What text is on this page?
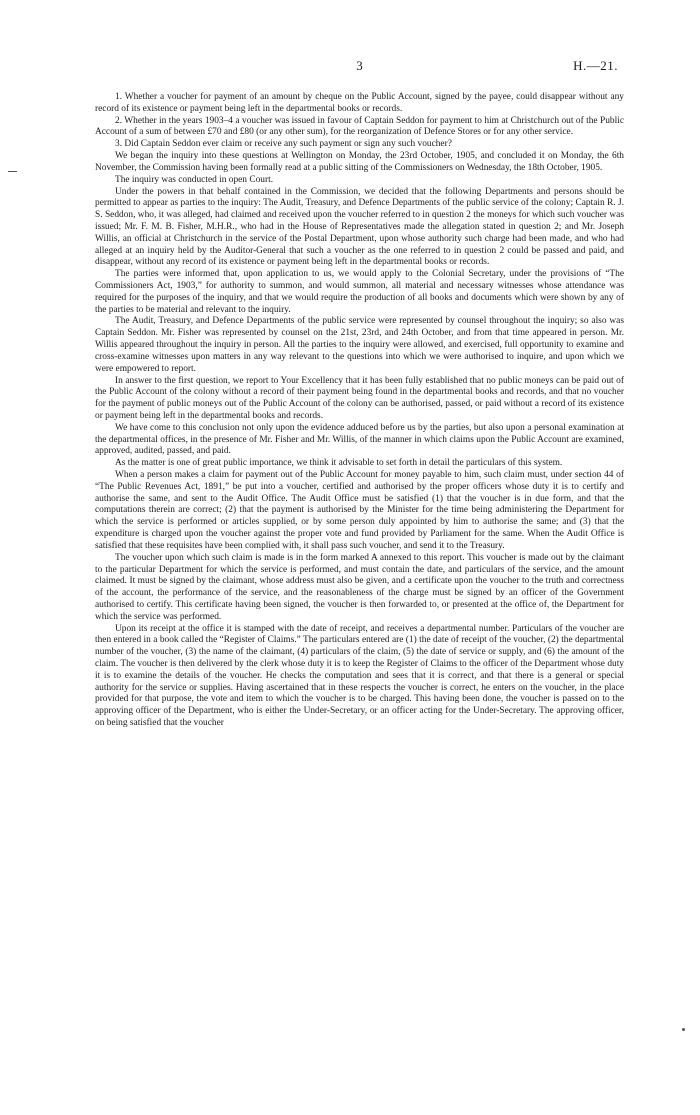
3	H.—21.

1. Whether a voucher for payment of an amount by cheque on the Public Account, signed by the payee, could disappear without any record of its existence or payment being left in the departmental books or records.

2. Whether in the years 1903–4 a voucher was issued in favour of Captain Seddon for payment to him at Christchurch out of the Public Account of a sum of between £70 and £80 (or any other sum), for the reorganization of Defence Stores or for any other service.

3. Did Captain Seddon ever claim or receive any such payment or sign any such voucher?

We began the inquiry into these questions at Wellington on Monday, the 23rd October, 1905, and concluded it on Monday, the 6th November, the Commission having been formally read at a public sitting of the Commissioners on Wednesday, the 18th October, 1905.

The inquiry was conducted in open Court.

Under the powers in that behalf contained in the Commission, we decided that the following Departments and persons should be permitted to appear as parties to the inquiry: The Audit, Treasury, and Defence Departments of the public service of the colony; Captain R. J. S. Seddon, who, it was alleged, had claimed and received upon the voucher referred to in question 2 the moneys for which such voucher was issued; Mr. F. M. B. Fisher, M.H.R., who had in the House of Representatives made the allegation stated in question 2; and Mr. Joseph Willis, an official at Christchurch in the service of the Postal Department, upon whose authority such charge had been made, and who had alleged at an inquiry held by the Auditor-General that such a voucher as the one referred to in question 2 could be passed and paid, and disappear, without any record of its existence or payment being left in the departmental books or records.

The parties were informed that, upon application to us, we would apply to the Colonial Secretary, under the provisions of “The Commissioners Act, 1903,” for authority to summon, and would summon, all material and necessary witnesses whose attendance was required for the purposes of the inquiry, and that we would require the production of all books and documents which were shown by any of the parties to be material and relevant to the inquiry.

The Audit, Treasury, and Defence Departments of the public service were represented by counsel throughout the inquiry; so also was Captain Seddon. Mr. Fisher was represented by counsel on the 21st, 23rd, and 24th October, and from that time appeared in person. Mr. Willis appeared throughout the inquiry in person. All the parties to the inquiry were allowed, and exercised, full opportunity to examine and cross-examine witnesses upon matters in any way relevant to the questions into which we were authorised to inquire, and upon which we were empowered to report.

In answer to the first question, we report to Your Excellency that it has been fully established that no public moneys can be paid out of the Public Account of the colony without a record of their payment being found in the departmental books and records, and that no voucher for the payment of public moneys out of the Public Account of the colony can be authorised, passed, or paid without a record of its existence or payment being left in the departmental books and records.

We have come to this conclusion not only upon the evidence adduced before us by the parties, but also upon a personal examination at the departmental offices, in the presence of Mr. Fisher and Mr. Willis, of the manner in which claims upon the Public Account are examined, approved, audited, passed, and paid.

As the matter is one of great public importance, we think it advisable to set forth in detail the particulars of this system.

When a person makes a claim for payment out of the Public Account for money payable to him, such claim must, under section 44 of “The Public Revenues Act, 1891,” be put into a voucher, certified and authorised by the proper officers whose duty it is to certify and authorise the same, and sent to the Audit Office. The Audit Office must be satisfied (1) that the voucher is in due form, and that the computations therein are correct; (2) that the payment is authorised by the Minister for the time being administering the Department for which the service is performed or articles supplied, or by some person duly appointed by him to authorise the same; and (3) that the expenditure is charged upon the voucher against the proper vote and fund provided by Parliament for the same. When the Audit Office is satisfied that these requisites have been complied with, it shall pass such voucher, and send it to the Treasury.

The voucher upon which such claim is made is in the form marked A annexed to this report. This voucher is made out by the claimant to the particular Department for which the service is performed, and must contain the date, and particulars of the service, and the amount claimed. It must be signed by the claimant, whose address must also be given, and a certificate upon the voucher to the truth and correctness of the account, the performance of the service, and the reasonableness of the charge must be signed by an officer of the Government authorised to certify. This certificate having been signed, the voucher is then forwarded to, or presented at the office of, the Department for which the service was performed.

Upon its receipt at the office it is stamped with the date of receipt, and receives a departmental number. Particulars of the voucher are then entered in a book called the “Register of Claims.” The particulars entered are (1) the date of receipt of the voucher, (2) the departmental number of the voucher, (3) the name of the claimant, (4) particulars of the claim, (5) the date of service or supply, and (6) the amount of the claim. The voucher is then delivered by the clerk whose duty it is to keep the Register of Claims to the officer of the Department whose duty it is to examine the details of the voucher. He checks the computation and sees that it is correct, and that there is a general or special authority for the service or supplies. Having ascertained that in these respects the voucher is correct, he enters on the voucher, in the place provided for that purpose, the vote and item to which the voucher is to be charged. This having been done, the voucher is passed on to the approving officer of the Department, who is either the Under-Secretary, or an officer acting for the Under-Secretary. The approving officer, on being satisfied that the voucher
